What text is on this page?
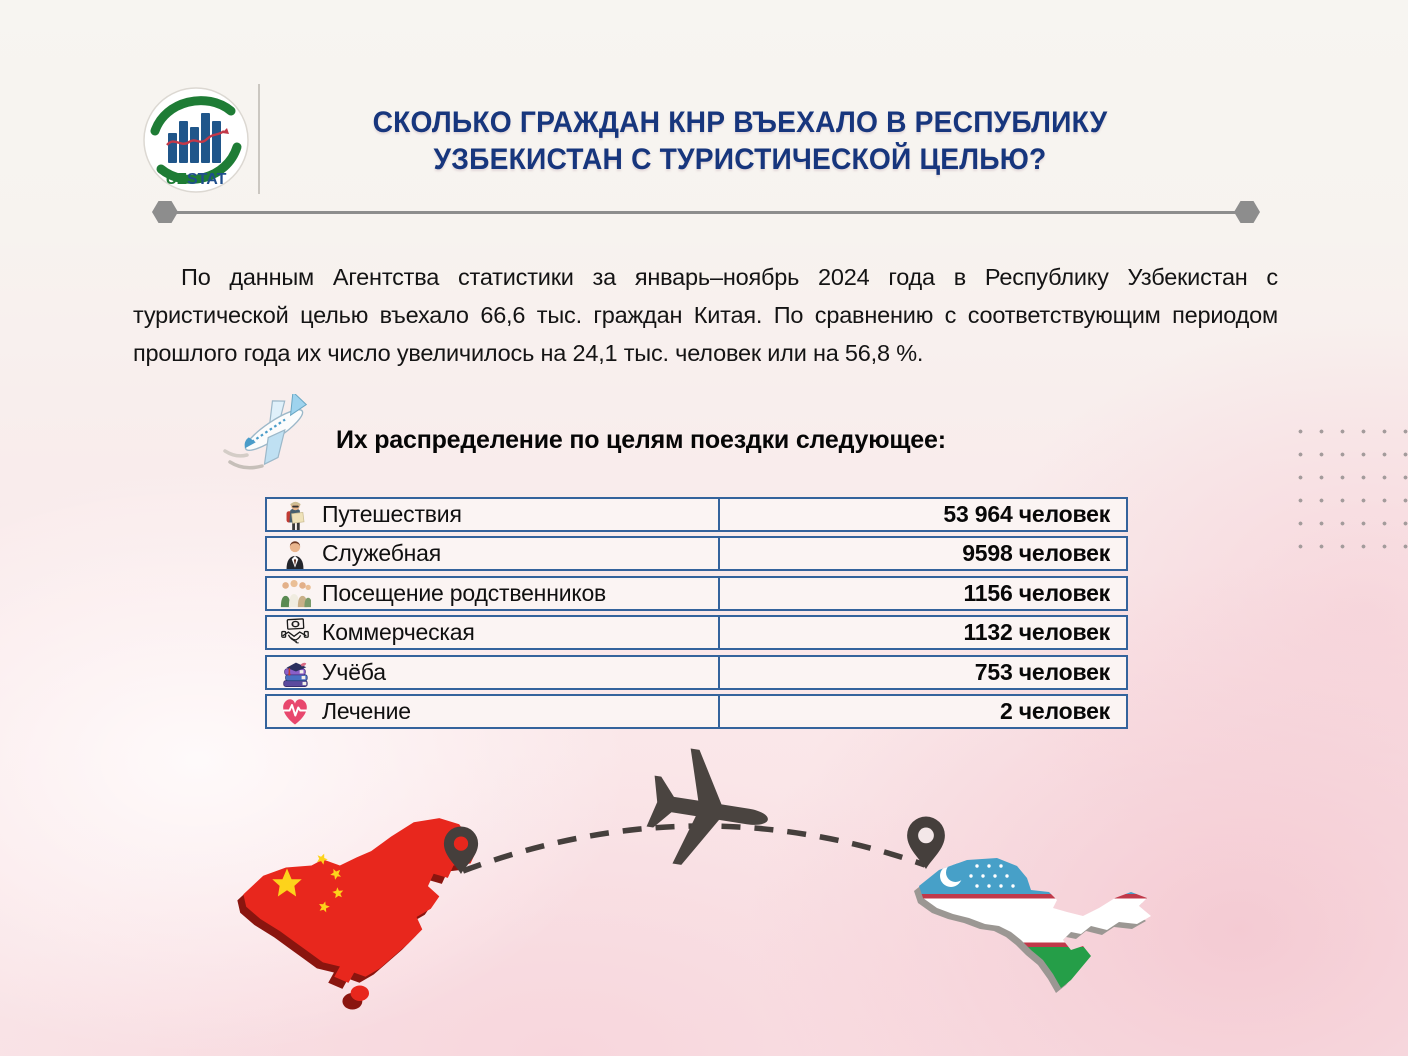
UZSTAT
СКОЛЬКО ГРАЖДАН КНР ВЪЕХАЛО В РЕСПУБЛИКУ
УЗБЕКИСТАН С ТУРИСТИЧЕСКОЙ ЦЕЛЬЮ?

По данным Агентства статистики за январь–ноябрь 2024 года в Республику Узбекистан с туристической целью въехало 66,6 тыс. граждан Китая. По сравнению с соответствующим периодом прошлого года их число увеличилось на 24,1 тыс. человек или на 56,8 %.

Их распределение по целям поездки следующее:
Путешествия	53 964 человек
Служебная	9598 человек
Посещение родственников	1156 человек
Коммерческая	1132 человек
Учёба	753 человек
Лечение	2 человек
